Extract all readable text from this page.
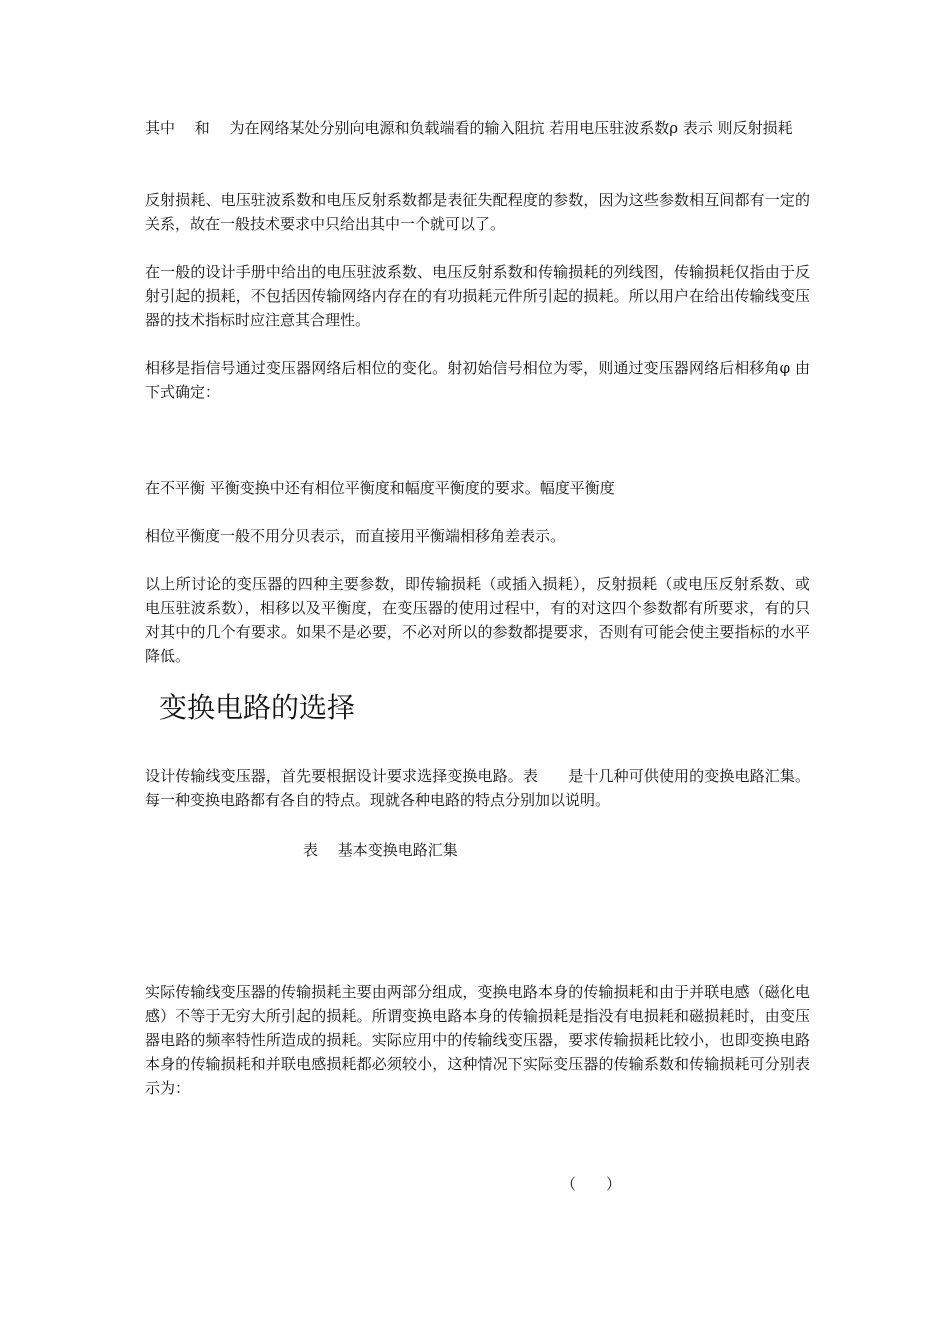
其中　 和　 为在网络某处分别向电源和负载端看的输入阻抗 若用电压驻波系数ρ 表示 则反射损耗

反射损耗、电压驻波系数和电压反射系数都是表征失配程度的参数，因为这些参数相互间都有一定的关系，故在一般技术要求中只给出其中一个就可以了。

在一般的设计手册中给出的电压驻波系数、电压反射系数和传输损耗的列线图，传输损耗仅指由于反射引起的损耗，不包括因传输网络内存在的有功损耗元件所引起的损耗。所以用户在给出传输线变压器的技术指标时应注意其合理性。

相移是指信号通过变压器网络后相位的变化。射初始信号相位为零，则通过变压器网络后相移角φ 由下式确定：

在不平衡 平衡变换中还有相位平衡度和幅度平衡度的要求。幅度平衡度

相位平衡度一般不用分贝表示，而直接用平衡端相移角差表示。

以上所讨论的变压器的四种主要参数，即传输损耗（或插入损耗），反射损耗（或电压反射系数、或电压驻波系数），相移以及平衡度，在变压器的使用过程中，有的对这四个参数都有所要求，有的只对其中的几个有要求。如果不是必要，不必对所以的参数都提要求，否则有可能会使主要指标的水平降低。

变换电路的选择

设计传输线变压器，首先要根据设计要求选择变换电路。表　　是十几种可供使用的变换电路汇集。每一种变换电路都有各自的特点。现就各种电路的特点分别加以说明。

表　 基本变换电路汇集

实际传输线变压器的传输损耗主要由两部分组成，变换电路本身的传输损耗和由于并联电感（磁化电感）不等于无穷大所引起的损耗。所谓变换电路本身的传输损耗是指没有电损耗和磁损耗时，由变压器电路的频率特性所造成的损耗。实际应用中的传输线变压器，要求传输损耗比较小，也即变换电路本身的传输损耗和并联电感损耗都必须较小，这种情况下实际变压器的传输系数和传输损耗可分别表示为：

（　　）
